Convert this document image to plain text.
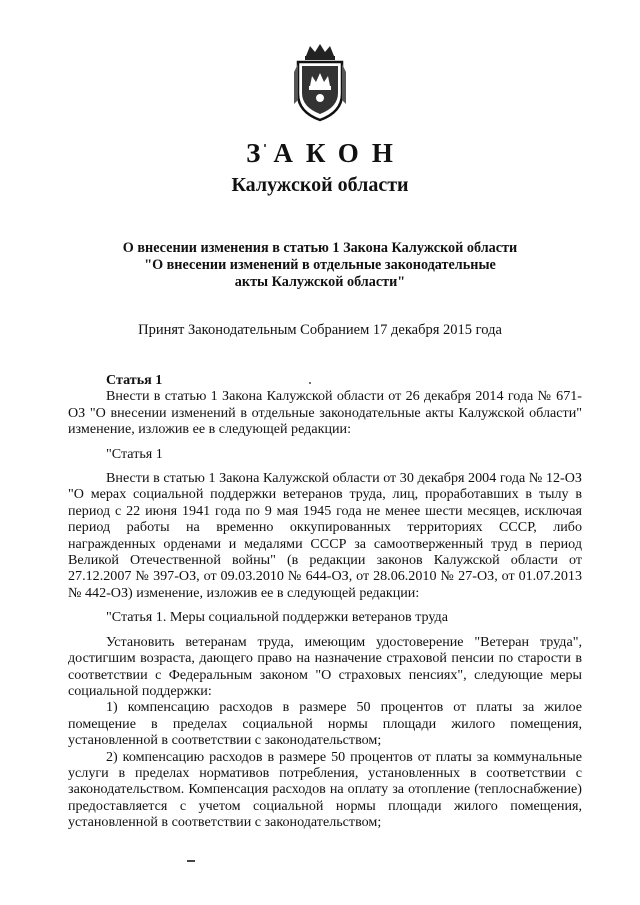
ЗАКОН
Калужской области
О внесении изменения в статью 1 Закона Калужской области
"О внесении изменений в отдельные законодательные
акты Калужской области"
Принят Законодательным Собранием 17 декабря 2015 года

Статья 1

Внести в статью 1 Закона Калужской области от 26 декабря 2014 года № 671-ОЗ "О внесении изменений в отдельные законодательные акты Калужской области" изменение, изложив ее в следующей редакции:

"Статья 1

Внести в статью 1 Закона Калужской области от 30 декабря 2004 года № 12-ОЗ "О мерах социальной поддержки ветеранов труда, лиц, проработавших в тылу в период с 22 июня 1941 года по 9 мая 1945 года не менее шести месяцев, исключая период работы на временно оккупированных территориях СССР, либо награжденных орденами и медалями СССР за самоотверженный труд в период Великой Отечественной войны" (в редакции законов Калужской области от 27.12.2007 № 397-ОЗ, от 09.03.2010 № 644-ОЗ, от 28.06.2010 № 27-ОЗ, от 01.07.2013 № 442-ОЗ) изменение, изложив ее в следующей редакции:

"Статья 1. Меры социальной поддержки ветеранов труда

Установить ветеранам труда, имеющим удостоверение "Ветеран труда", достигшим возраста, дающего право на назначение страховой пенсии по старости в соответствии с Федеральным законом "О страховых пенсиях", следующие меры социальной поддержки:

1) компенсацию расходов в размере 50 процентов от платы за жилое помещение в пределах социальной нормы площади жилого помещения, установленной в соответствии с законодательством;

2) компенсацию расходов в размере 50 процентов от платы за коммунальные услуги в пределах нормативов потребления, установленных в соответствии с законодательством. Компенсация расходов на оплату за отопление (теплоснабжение) предоставляется с учетом социальной нормы площади жилого помещения, установленной в соответствии с законодательством;
